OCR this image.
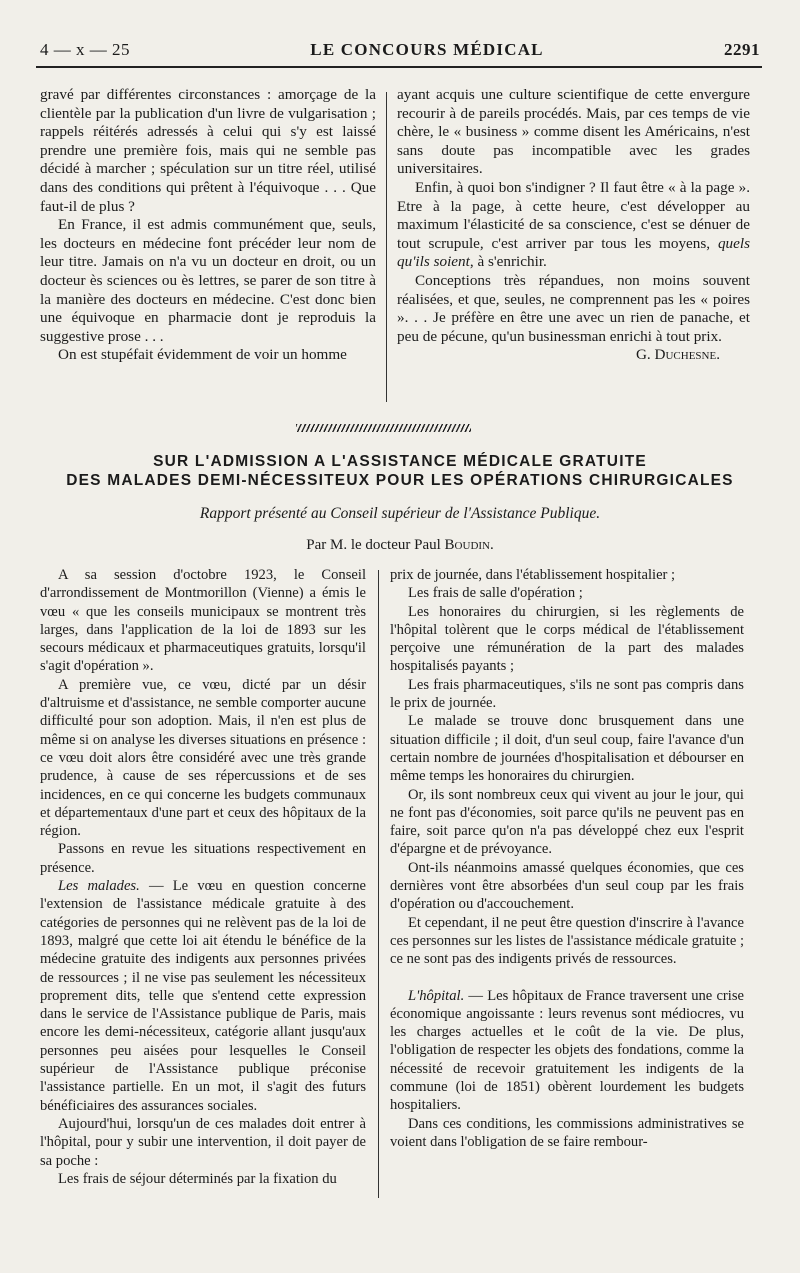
4 — x — 25	LE CONCOURS MÉDICAL	2291

gravé par différentes circonstances : amorçage de la clientèle par la publication d'un livre de vulgarisation ; rappels réitérés adressés à celui qui s'y est laissé prendre une première fois, mais qui ne semble pas décidé à marcher ; spéculation sur un titre réel, utilisé dans des conditions qui prêtent à l'équivoque . . . Que faut-il de plus ?

En France, il est admis communément que, seuls, les docteurs en médecine font précéder leur nom de leur titre. Jamais on n'a vu un docteur en droit, ou un docteur ès sciences ou ès lettres, se parer de son titre à la manière des docteurs en médecine. C'est donc bien une équivoque en pharmacie dont je reproduis la suggestive prose . . .

On est stupéfait évidemment de voir un homme

ayant acquis une culture scientifique de cette envergure recourir à de pareils procédés. Mais, par ces temps de vie chère, le « business » comme disent les Américains, n'est sans doute pas incompatible avec les grades universitaires.

Enfin, à quoi bon s'indigner ? Il faut être « à la page ». Etre à la page, à cette heure, c'est développer au maximum l'élasticité de sa conscience, c'est se dénuer de tout scrupule, c'est arriver par tous les moyens, quels qu'ils soient, à s'enrichir.

Conceptions très répandues, non moins souvent réalisées, et que, seules, ne comprennent pas les « poires ». . . Je préfère en être une avec un rien de panache, et peu de pécune, qu'un businessman enrichi à tout prix.

G. Duchesne.

SUR L'ADMISSION A L'ASSISTANCE MÉDICALE GRATUITE
DES MALADES DEMI-NÉCESSITEUX POUR LES OPÉRATIONS CHIRURGICALES
Rapport présenté au Conseil supérieur de l'Assistance Publique.
Par M. le docteur Paul Boudin.

A sa session d'octobre 1923, le Conseil d'arrondissement de Montmorillon (Vienne) a émis le vœu « que les conseils municipaux se montrent très larges, dans l'application de la loi de 1893 sur les secours médicaux et pharmaceutiques gratuits, lorsqu'il s'agit d'opération ».

A première vue, ce vœu, dicté par un désir d'altruisme et d'assistance, ne semble comporter aucune difficulté pour son adoption. Mais, il n'en est plus de même si on analyse les diverses situations en présence : ce vœu doit alors être considéré avec une très grande prudence, à cause de ses répercussions et de ses incidences, en ce qui concerne les budgets communaux et départementaux d'une part et ceux des hôpitaux de la région.

Passons en revue les situations respectivement en présence.

Les malades. — Le vœu en question concerne l'extension de l'assistance médicale gratuite à des catégories de personnes qui ne relèvent pas de la loi de 1893, malgré que cette loi ait étendu le bénéfice de la médecine gratuite des indigents aux personnes privées de ressources ; il ne vise pas seulement les nécessiteux proprement dits, telle que s'entend cette expression dans le service de l'Assistance publique de Paris, mais encore les demi-nécessiteux, catégorie allant jusqu'aux personnes peu aisées pour lesquelles le Conseil supérieur de l'Assistance publique préconise l'assistance partielle. En un mot, il s'agit des futurs bénéficiaires des assurances sociales.

Aujourd'hui, lorsqu'un de ces malades doit entrer à l'hôpital, pour y subir une intervention, il doit payer de sa poche :

Les frais de séjour déterminés par la fixation du

prix de journée, dans l'établissement hospitalier ;

Les frais de salle d'opération ;

Les honoraires du chirurgien, si les règlements de l'hôpital tolèrent que le corps médical de l'établissement perçoive une rémunération de la part des malades hospitalisés payants ;

Les frais pharmaceutiques, s'ils ne sont pas compris dans le prix de journée.

Le malade se trouve donc brusquement dans une situation difficile ; il doit, d'un seul coup, faire l'avance d'un certain nombre de journées d'hospitalisation et débourser en même temps les honoraires du chirurgien.

Or, ils sont nombreux ceux qui vivent au jour le jour, qui ne font pas d'économies, soit parce qu'ils ne peuvent pas en faire, soit parce qu'on n'a pas développé chez eux l'esprit d'épargne et de prévoyance.

Ont-ils néanmoins amassé quelques économies, que ces dernières vont être absorbées d'un seul coup par les frais d'opération ou d'accouchement.

Et cependant, il ne peut être question d'inscrire à l'avance ces personnes sur les listes de l'assistance médicale gratuite ; ce ne sont pas des indigents privés de ressources.

L'hôpital. — Les hôpitaux de France traversent une crise économique angoissante : leurs revenus sont médiocres, vu les charges actuelles et le coût de la vie. De plus, l'obligation de respecter les objets des fondations, comme la nécessité de recevoir gratuitement les indigents de la commune (loi de 1851) obèrent lourdement les budgets hospitaliers.

Dans ces conditions, les commissions administratives se voient dans l'obligation de se faire rembour-
